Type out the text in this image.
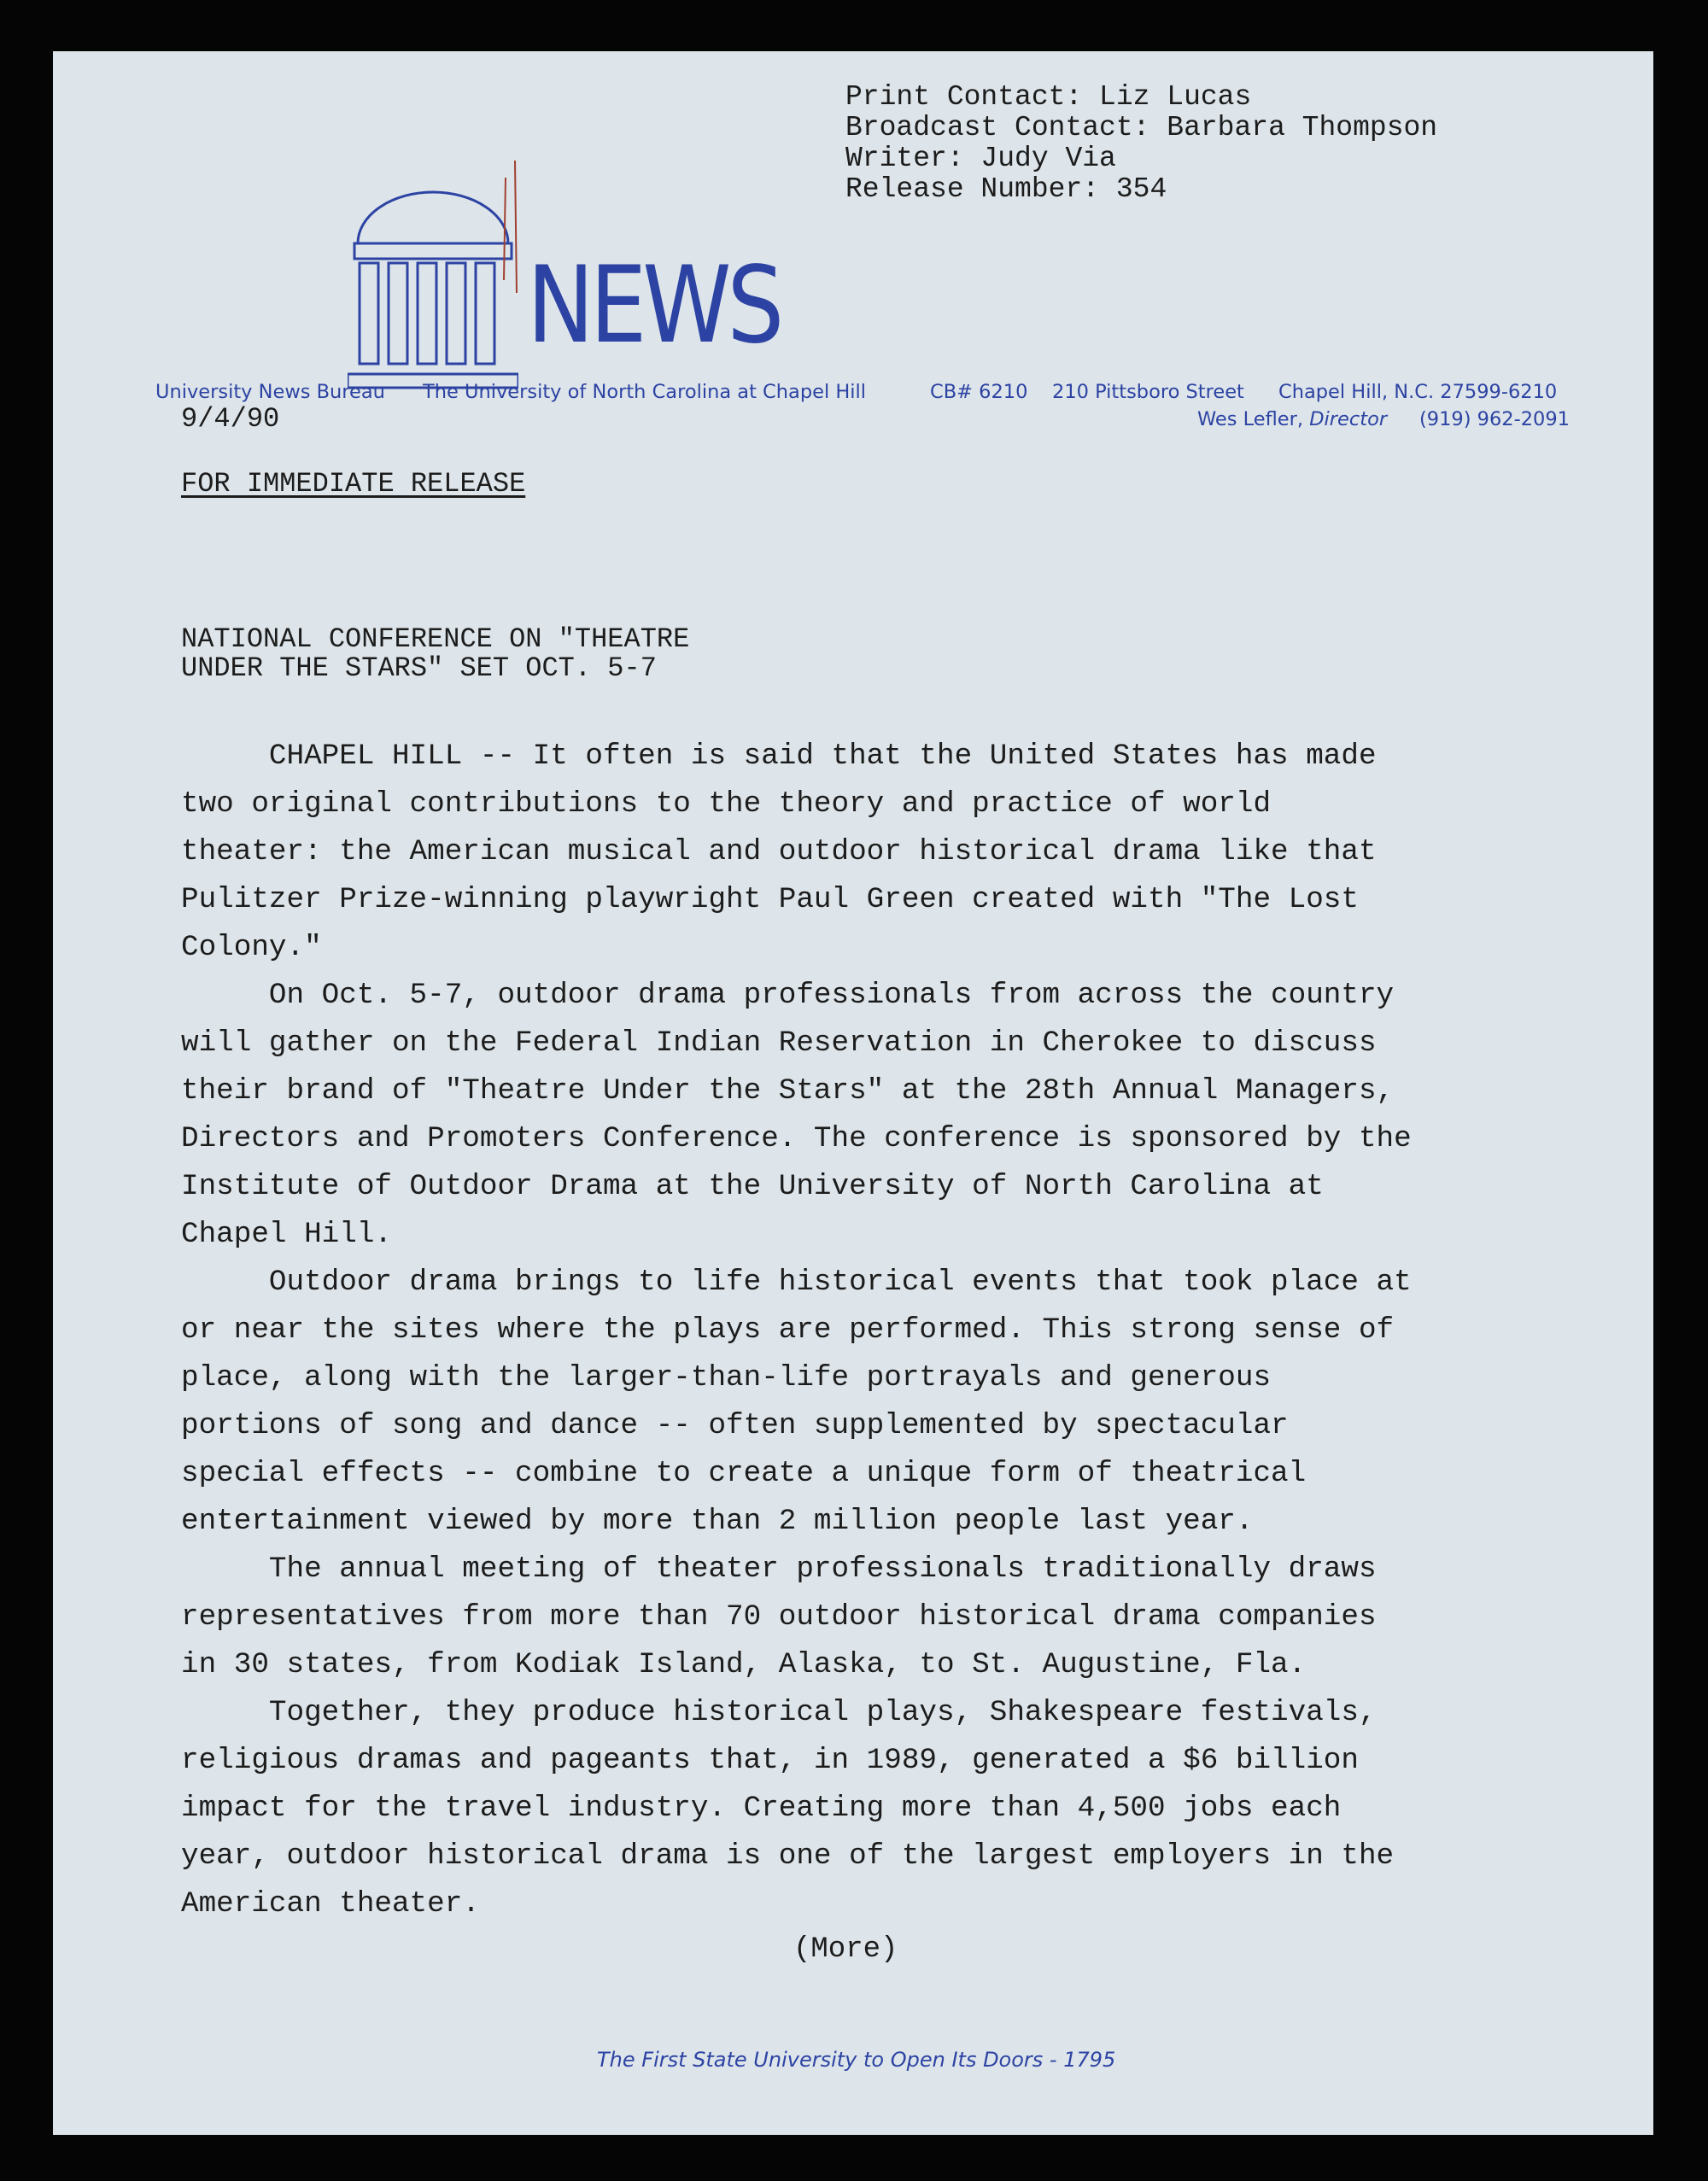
Print Contact: Liz Lucas
Broadcast Contact: Barbara Thompson
Writer: Judy Via
Release Number: 354
NEWS
University News Bureau The University of North Carolina at Chapel Hill	CB# 6210 210 Pittsboro Street Chapel Hill, N.C. 27599-6210
Wes Lefler, Director (919) 962-2091
9/4/90
FOR IMMEDIATE RELEASE
NATIONAL CONFERENCE ON "THEATRE
UNDER THE STARS" SET OCT. 5-7
CHAPEL HILL -- It often is said that the United States has made
two original contributions to the theory and practice of world
theater: the American musical and outdoor historical drama like that
Pulitzer Prize-winning playwright Paul Green created with "The Lost
Colony."
On Oct. 5-7, outdoor drama professionals from across the country
will gather on the Federal Indian Reservation in Cherokee to discuss
their brand of "Theatre Under the Stars" at the 28th Annual Managers,
Directors and Promoters Conference. The conference is sponsored by the
Institute of Outdoor Drama at the University of North Carolina at
Chapel Hill.
Outdoor drama brings to life historical events that took place at
or near the sites where the plays are performed. This strong sense of
place, along with the larger-than-life portrayals and generous
portions of song and dance -- often supplemented by spectacular
special effects -- combine to create a unique form of theatrical
entertainment viewed by more than 2 million people last year.
The annual meeting of theater professionals traditionally draws
representatives from more than 70 outdoor historical drama companies
in 30 states, from Kodiak Island, Alaska, to St. Augustine, Fla.
Together, they produce historical plays, Shakespeare festivals,
religious dramas and pageants that, in 1989, generated a $6 billion
impact for the travel industry. Creating more than 4,500 jobs each
year, outdoor historical drama is one of the largest employers in the
American theater.
(More)
The First State University to Open Its Doors - 1795
